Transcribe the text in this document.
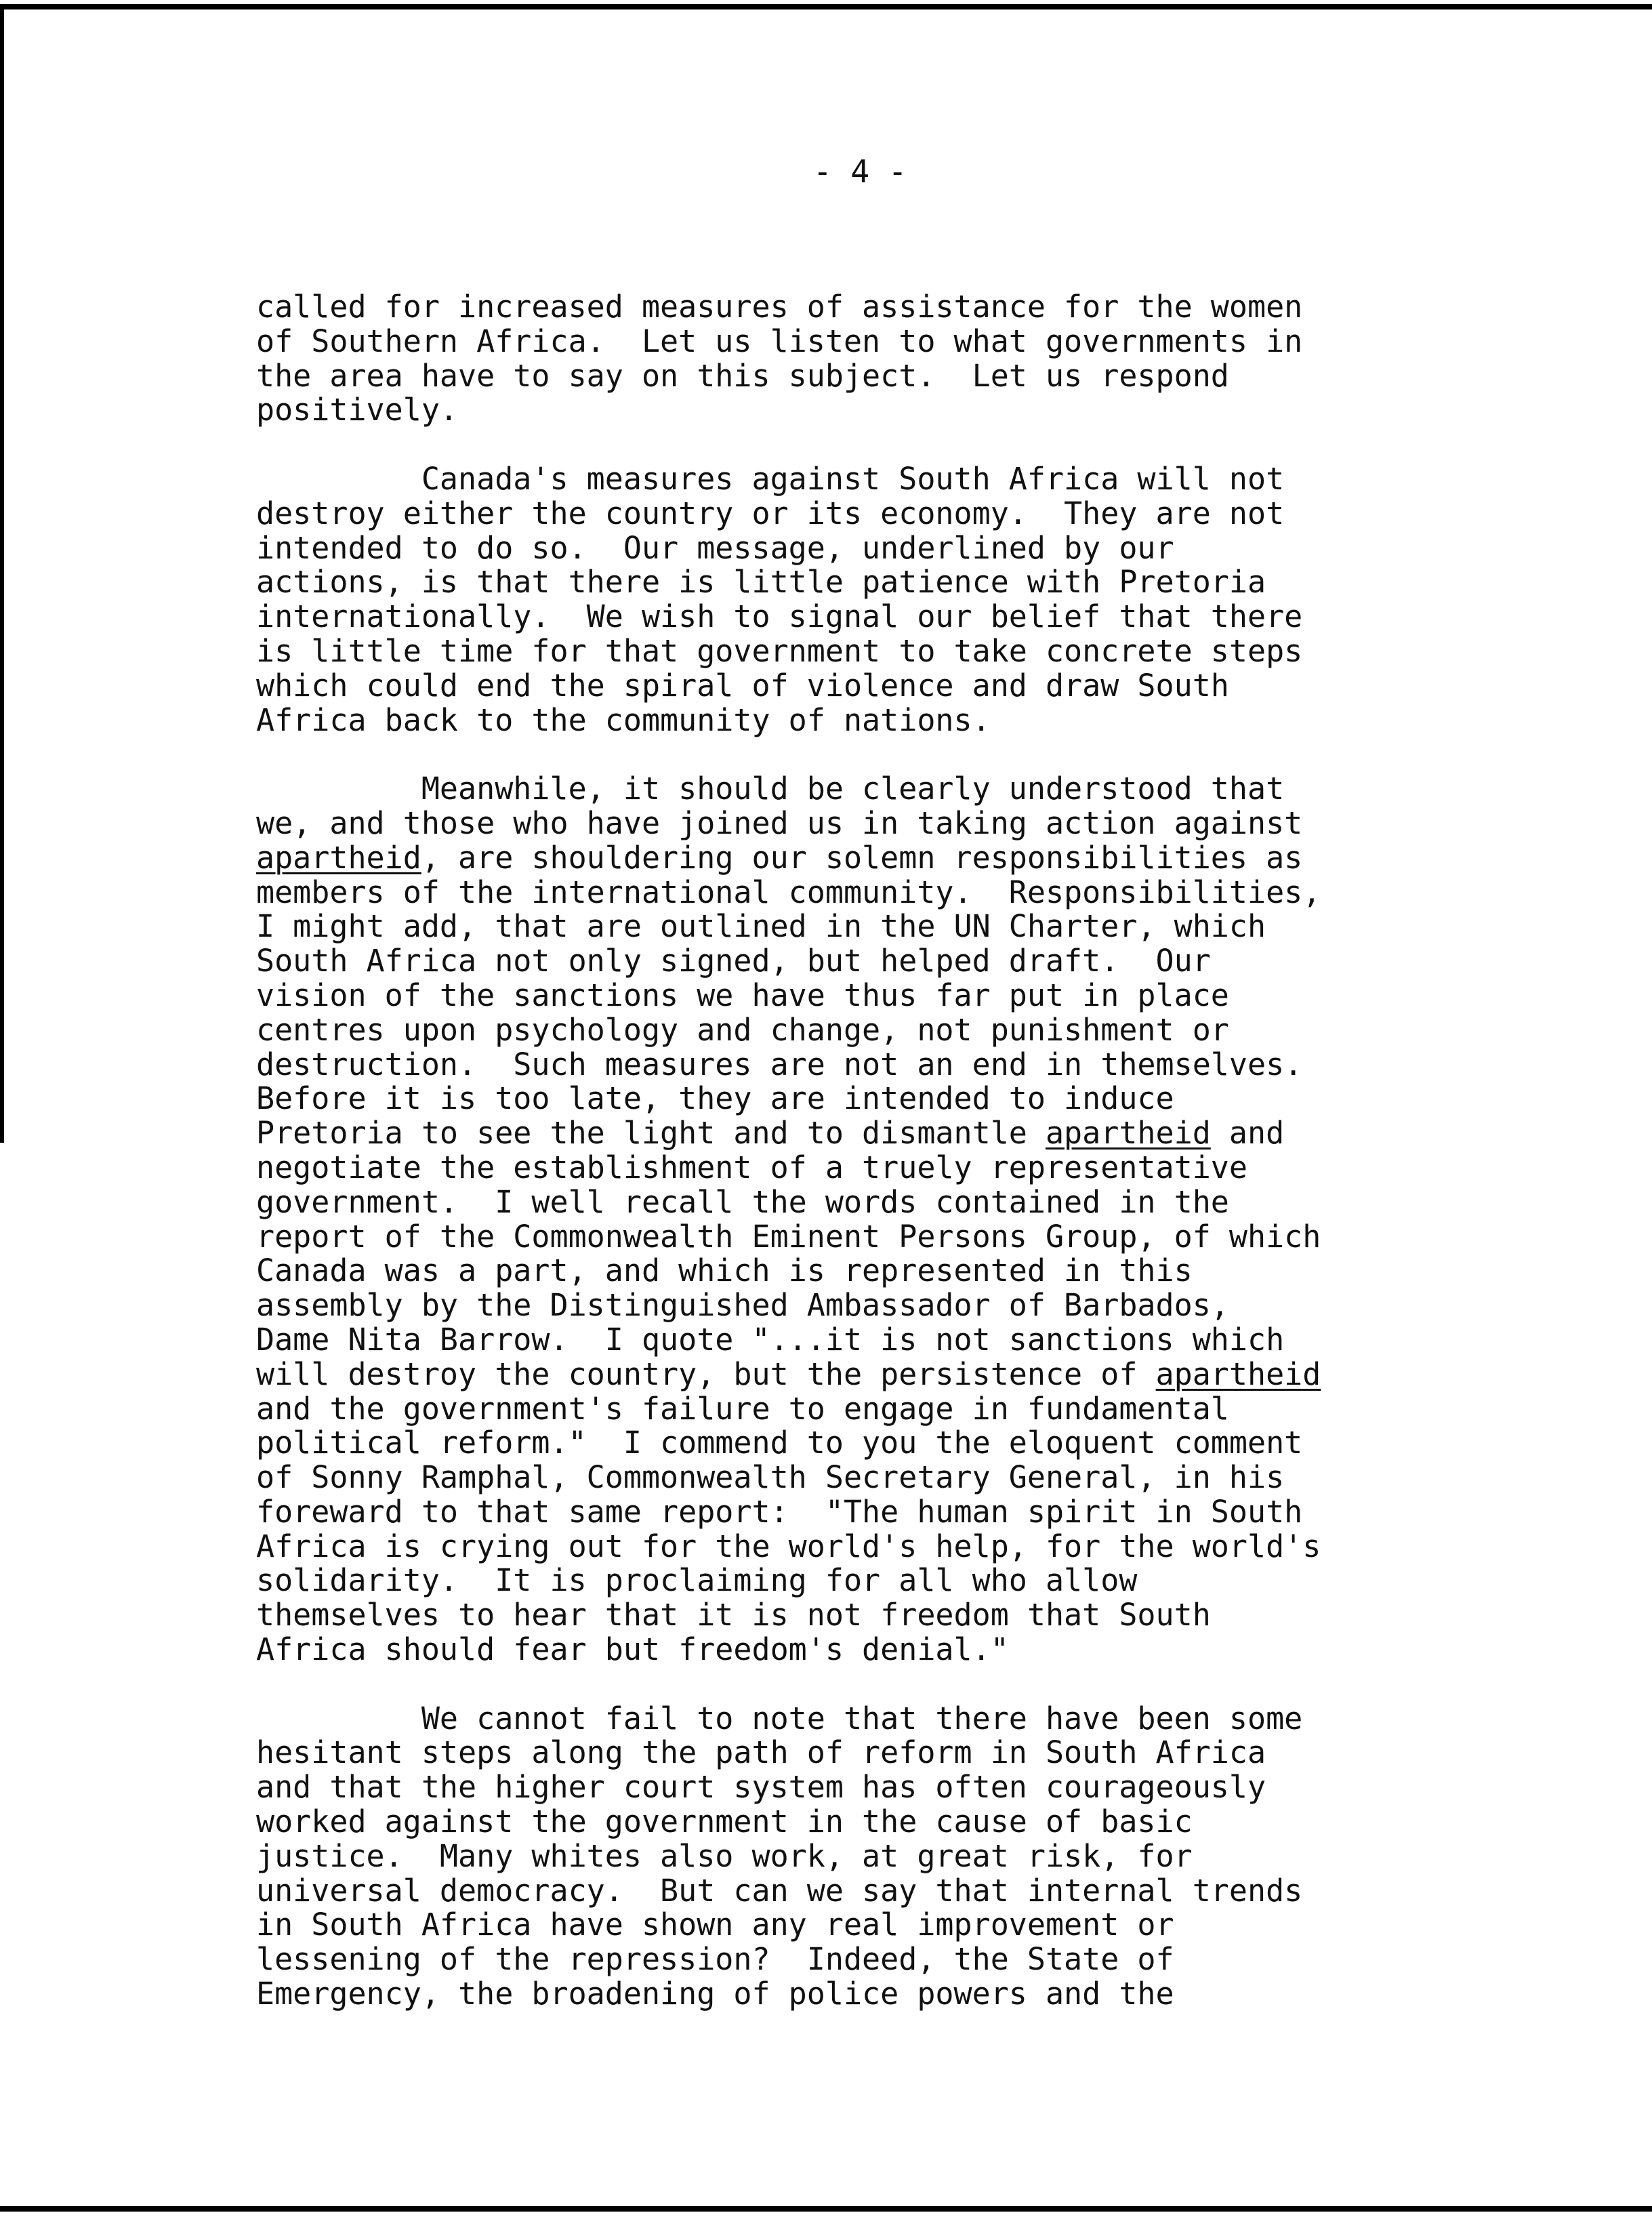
- 4 -
called for increased measures of assistance for the women
of Southern Africa.  Let us listen to what governments in
the area have to say on this subject.  Let us respond
positively.
Canada's measures against South Africa will not
destroy either the country or its economy.  They are not
intended to do so.  Our message, underlined by our
actions, is that there is little patience with Pretoria
internationally.  We wish to signal our belief that there
is little time for that government to take concrete steps
which could end the spiral of violence and draw South
Africa back to the community of nations.
Meanwhile, it should be clearly understood that
we, and those who have joined us in taking action against
apartheid, are shouldering our solemn responsibilities as
members of the international community.  Responsibilities,
I might add, that are outlined in the UN Charter, which
South Africa not only signed, but helped draft.  Our
vision of the sanctions we have thus far put in place
centres upon psychology and change, not punishment or
destruction.  Such measures are not an end in themselves.
Before it is too late, they are intended to induce
Pretoria to see the light and to dismantle apartheid and
negotiate the establishment of a truely representative
government.  I well recall the words contained in the
report of the Commonwealth Eminent Persons Group, of which
Canada was a part, and which is represented in this
assembly by the Distinguished Ambassador of Barbados,
Dame Nita Barrow.  I quote "...it is not sanctions which
will destroy the country, but the persistence of apartheid
and the government's failure to engage in fundamental
political reform."  I commend to you the eloquent comment
of Sonny Ramphal, Commonwealth Secretary General, in his
foreward to that same report:  "The human spirit in South
Africa is crying out for the world's help, for the world's
solidarity.  It is proclaiming for all who allow
themselves to hear that it is not freedom that South
Africa should fear but freedom's denial."
We cannot fail to note that there have been some
hesitant steps along the path of reform in South Africa
and that the higher court system has often courageously
worked against the government in the cause of basic
justice.  Many whites also work, at great risk, for
universal democracy.  But can we say that internal trends
in South Africa have shown any real improvement or
lessening of the repression?  Indeed, the State of
Emergency, the broadening of police powers and the
